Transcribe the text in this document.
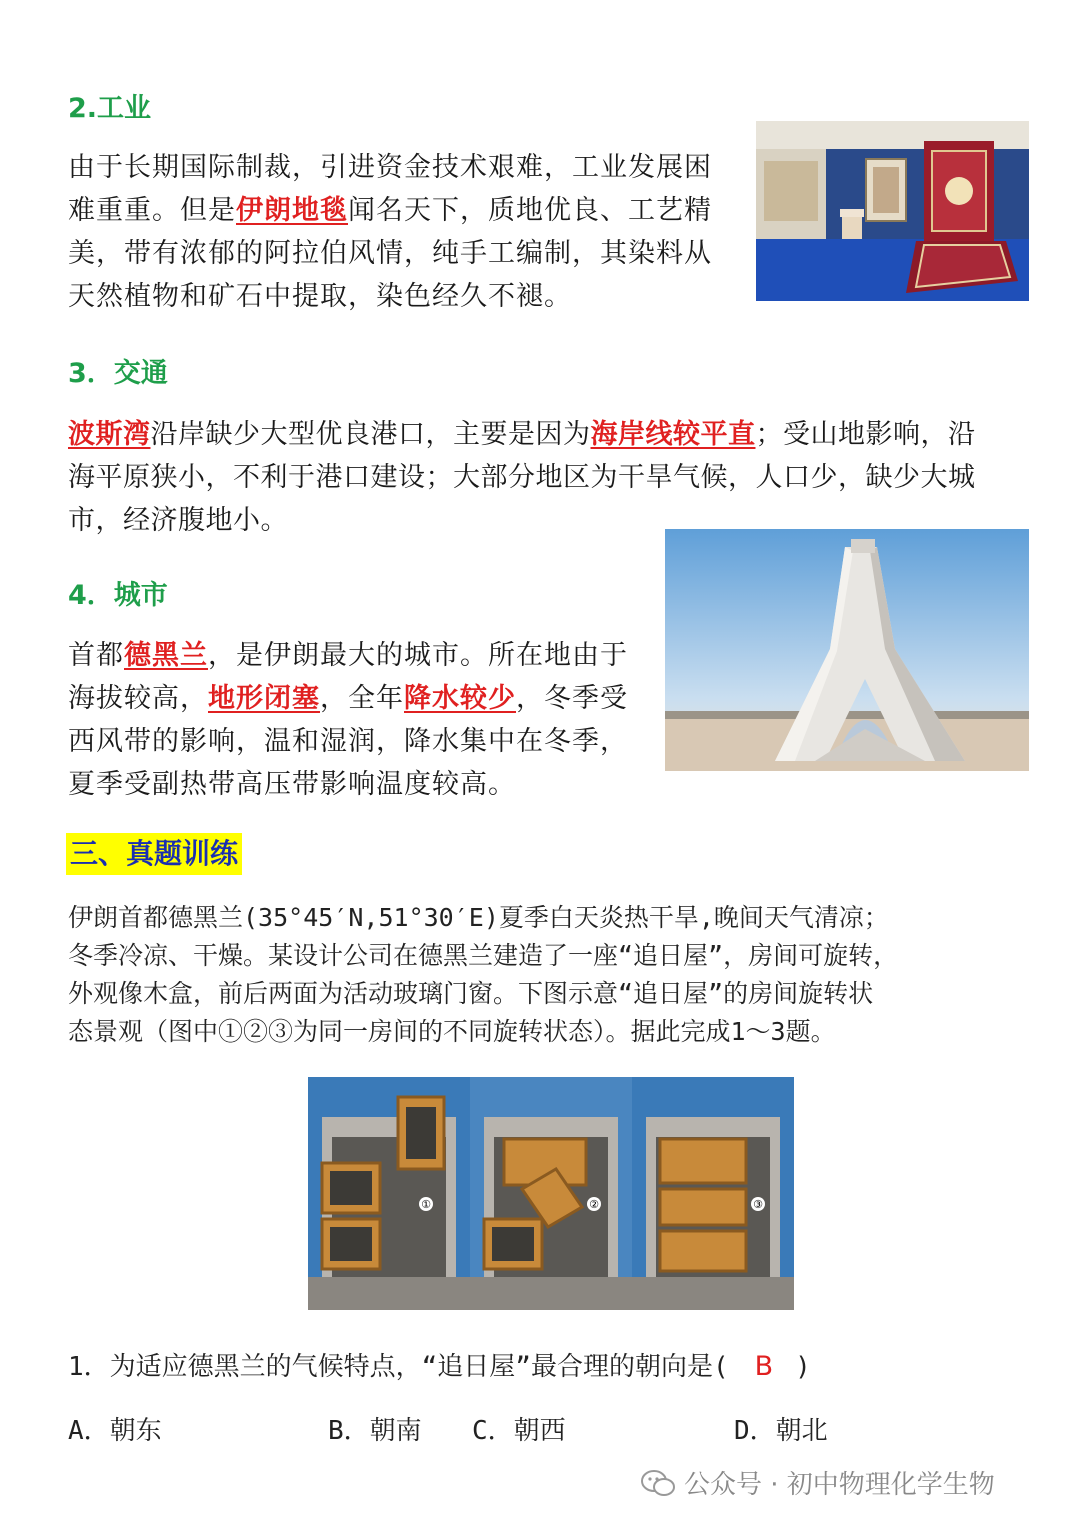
2.工业
由于长期国际制裁，引进资金技术艰难，工业发展困
难重重。但是伊朗地毯闻名天下，质地优良、工艺精
美，带有浓郁的阿拉伯风情，纯手工编制，其染料从
天然植物和矿石中提取，染色经久不褪。
3．交通
波斯湾沿岸缺少大型优良港口，主要是因为海岸线较平直；受山地影响，沿
海平原狭小，不利于港口建设；大部分地区为干旱气候，人口少，缺少大城
市，经济腹地小。
4．城市
首都德黑兰，是伊朗最大的城市。所在地由于
海拔较高，地形闭塞，全年降水较少，冬季受
西风带的影响，温和湿润，降水集中在冬季，
夏季受副热带高压带影响温度较高。
三、真题训练
伊朗首都德黑兰(35°45′N,51°30′E)夏季白天炎热干旱,晚间天气清凉；
冬季冷凉、干燥。某设计公司在德黑兰建造了一座“追日屋”，房间可旋转，
外观像木盒，前后两面为活动玻璃门窗。下图示意“追日屋”的房间旋转状
态景观（图中①②③为同一房间的不同旋转状态）。据此完成1～3题。
①	②	③
1．为适应德黑兰的气候特点，“追日屋”最合理的朝向是( B )
A．朝东	B．朝南 C．朝西	D．朝北
公众号 · 初中物理化学生物
